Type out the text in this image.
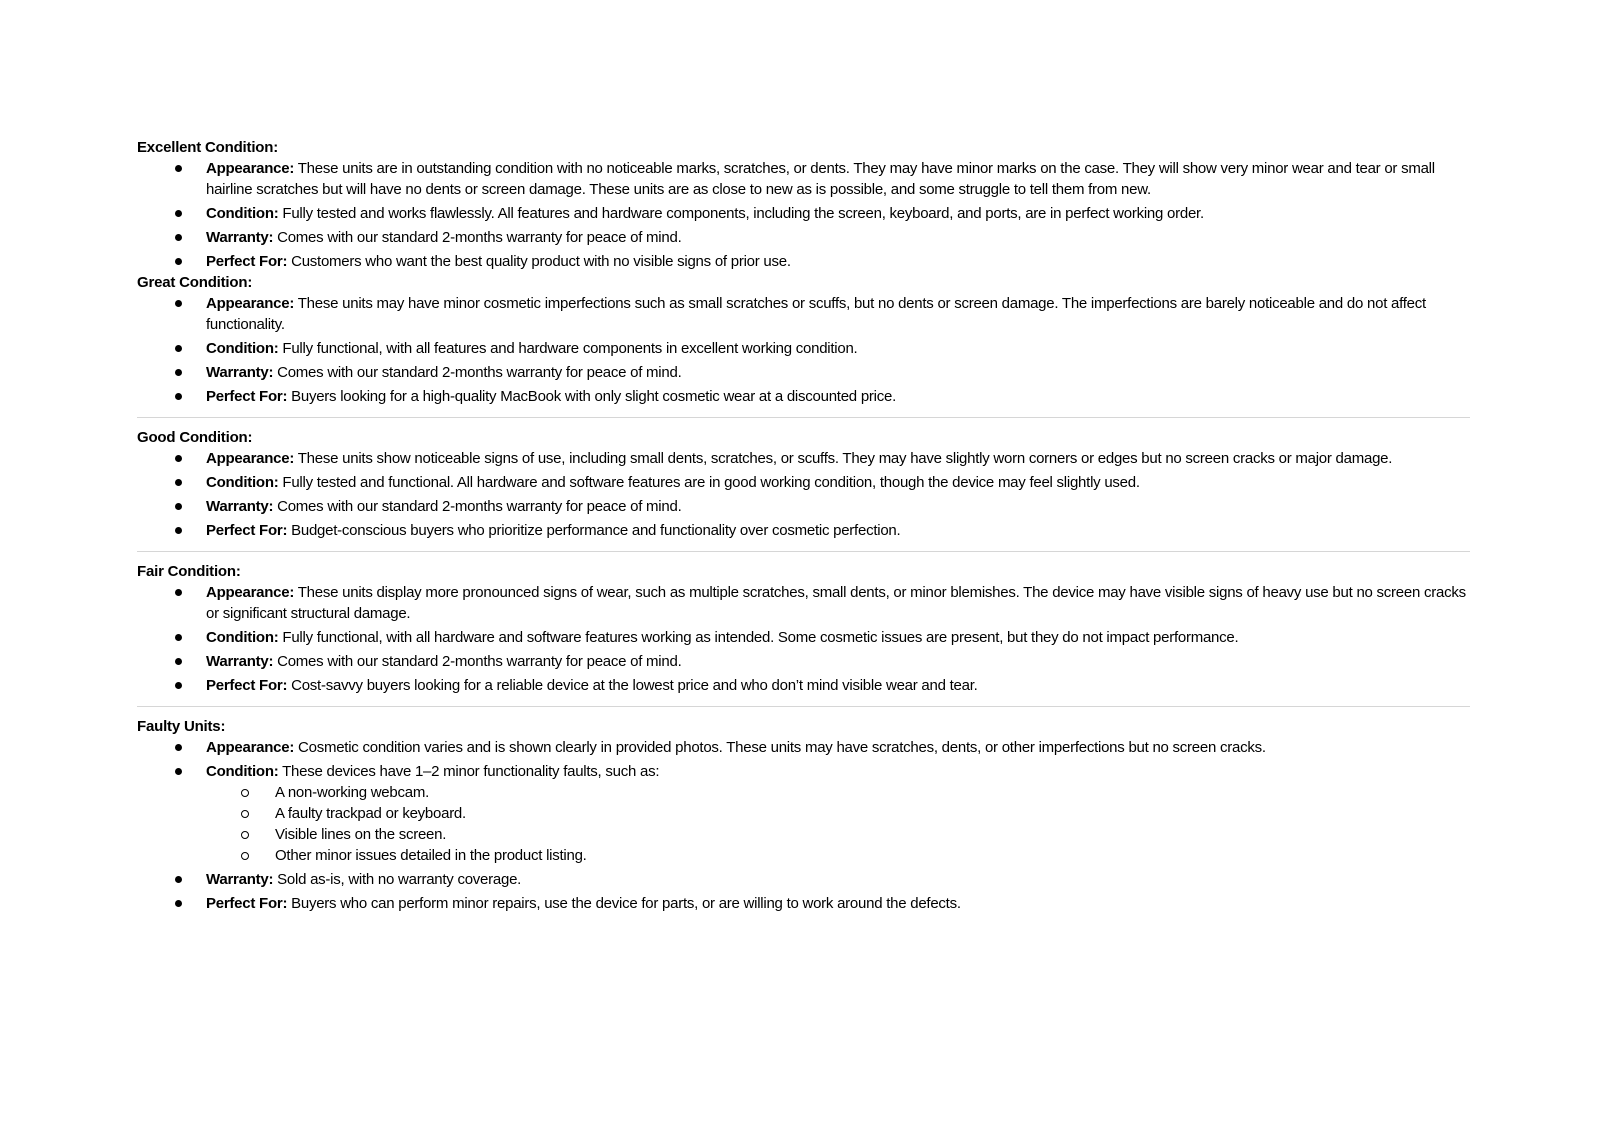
Excellent Condition:

Appearance: These units are in outstanding condition with no noticeable marks, scratches, or dents. They may have minor marks on the case. They will show very minor wear and tear or small hairline scratches but will have no dents or screen damage. These units are as close to new as is possible, and some struggle to tell them from new.
Condition: Fully tested and works flawlessly. All features and hardware components, including the screen, keyboard, and ports, are in perfect working order.
Warranty: Comes with our standard 2-months warranty for peace of mind.
Perfect For: Customers who want the best quality product with no visible signs of prior use.

Great Condition:

Appearance: These units may have minor cosmetic imperfections such as small scratches or scuffs, but no dents or screen damage. The imperfections are barely noticeable and do not affect functionality.
Condition: Fully functional, with all features and hardware components in excellent working condition.
Warranty: Comes with our standard 2-months warranty for peace of mind.
Perfect For: Buyers looking for a high-quality MacBook with only slight cosmetic wear at a discounted price.

Good Condition:

Appearance: These units show noticeable signs of use, including small dents, scratches, or scuffs. They may have slightly worn corners or edges but no screen cracks or major damage.
Condition: Fully tested and functional. All hardware and software features are in good working condition, though the device may feel slightly used.
Warranty: Comes with our standard 2-months warranty for peace of mind.
Perfect For: Budget-conscious buyers who prioritize performance and functionality over cosmetic perfection.

Fair Condition:

Appearance: These units display more pronounced signs of wear, such as multiple scratches, small dents, or minor blemishes. The device may have visible signs of heavy use but no screen cracks or significant structural damage.
Condition: Fully functional, with all hardware and software features working as intended. Some cosmetic issues are present, but they do not impact performance.
Warranty: Comes with our standard 2-months warranty for peace of mind.
Perfect For: Cost-savvy buyers looking for a reliable device at the lowest price and who don’t mind visible wear and tear.

Faulty Units:

Appearance: Cosmetic condition varies and is shown clearly in provided photos. These units may have scratches, dents, or other imperfections but no screen cracks.
Condition: These devices have 1–2 minor functionality faults, such as:
A non-working webcam.
A faulty trackpad or keyboard.
Visible lines on the screen.
Other minor issues detailed in the product listing.
Warranty: Sold as-is, with no warranty coverage.
Perfect For: Buyers who can perform minor repairs, use the device for parts, or are willing to work around the defects.
